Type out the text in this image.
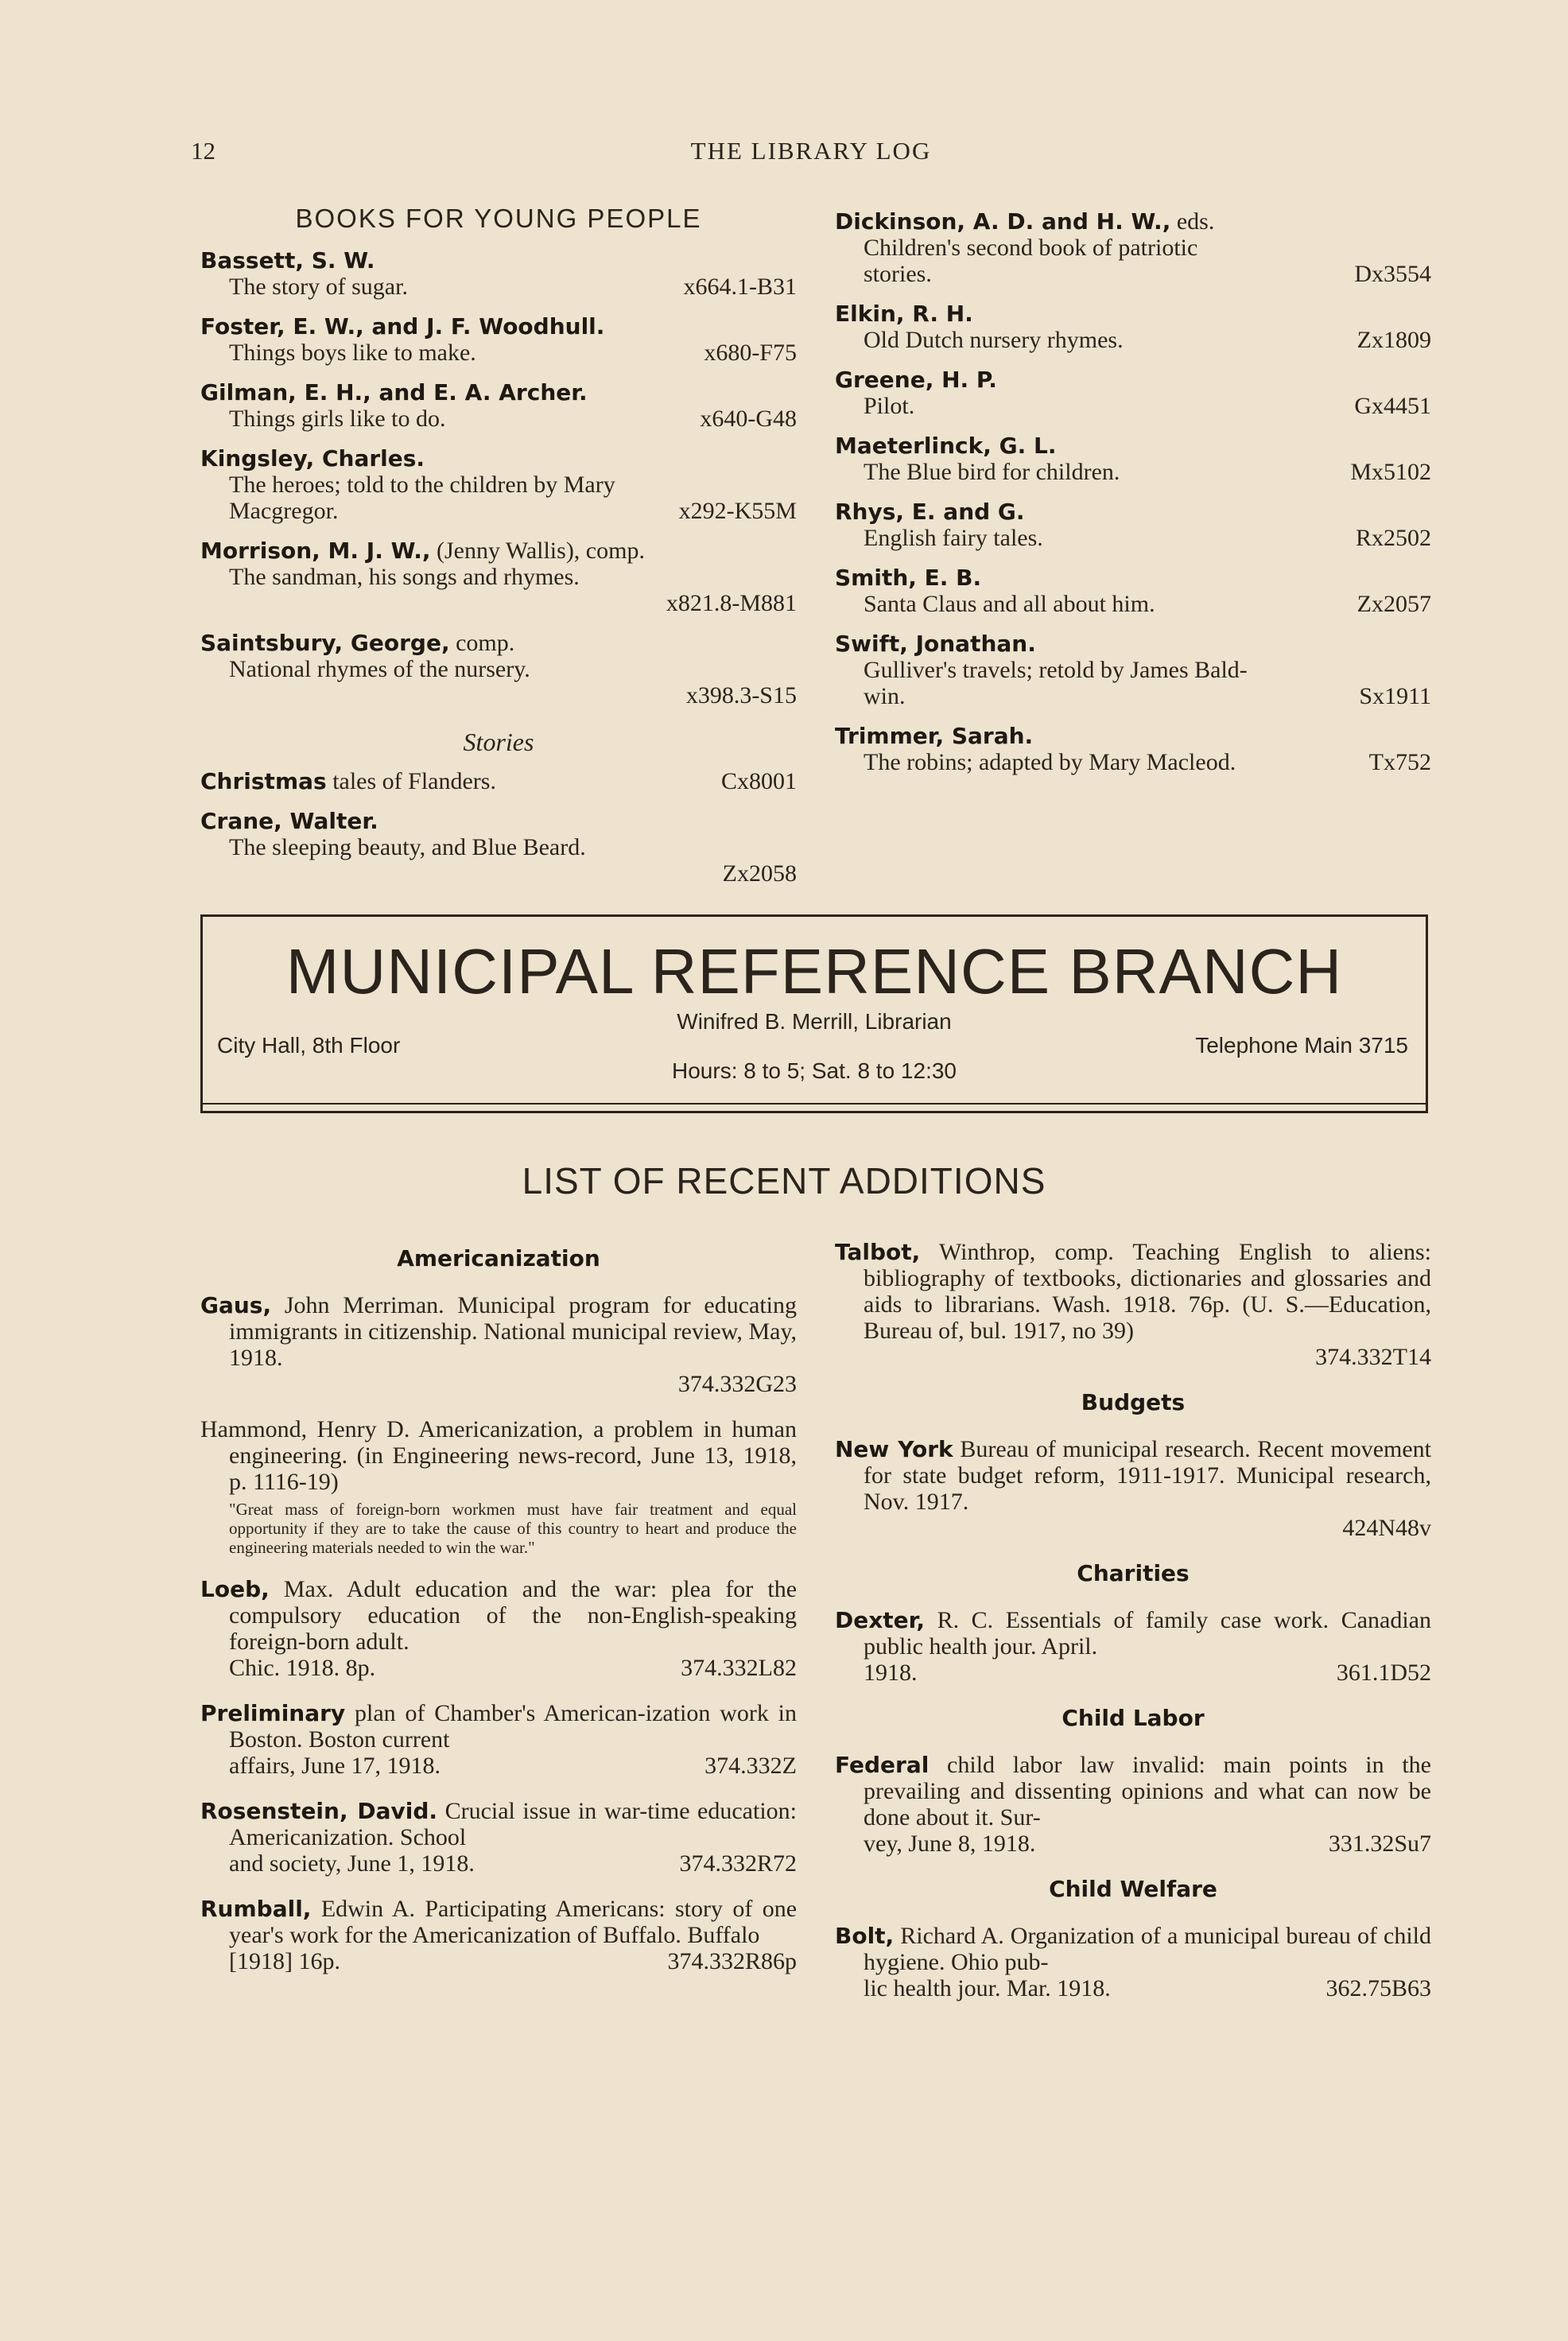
12	THE LIBRARY LOG
BOOKS FOR YOUNG PEOPLE
Bassett, S. W.
The story of sugar.	x664.1-B31
Foster, E. W., and J. F. Woodhull.
Things boys like to make.	x680-F75
Gilman, E. H., and E. A. Archer.
Things girls like to do.	x640-G48
Kingsley, Charles.
The heroes; told to the children by Mary
Macgregor.	x292-K55M
Morrison, M. J. W., (Jenny Wallis), comp.
The sandman, his songs and rhymes.
x821.8-M881
Saintsbury, George, comp.
National rhymes of the nursery.
x398.3-S15
Stories
Christmas tales of Flanders.	Cx8001
Crane, Walter.
The sleeping beauty, and Blue Beard.
Zx2058
Dickinson, A. D. and H. W., eds.
Children's second book of patriotic
stories.	Dx3554
Elkin, R. H.
Old Dutch nursery rhymes.	Zx1809
Greene, H. P.
Pilot.	Gx4451
Maeterlinck, G. L.
The Blue bird for children.	Mx5102
Rhys, E. and G.
English fairy tales.	Rx2502
Smith, E. B.
Santa Claus and all about him.	Zx2057
Swift, Jonathan.
Gulliver's travels; retold by James Bald-
win.	Sx1911
Trimmer, Sarah.
The robins; adapted by Mary Macleod.	Tx752
MUNICIPAL REFERENCE BRANCH
Winifred B. Merrill, Librarian
City Hall, 8th Floor	Telephone Main 3715
Hours: 8 to 5; Sat. 8 to 12:30
LIST OF RECENT ADDITIONS
Americanization
Gaus, John Merriman. Municipal program for educating immigrants in citizenship. National municipal review, May, 1918.
374.332G23
Hammond, Henry D. Americanization, a problem in human engineering. (in Engineering news-record, June 13, 1918, p. 1116-19)
"Great mass of foreign-born workmen must have fair treatment and equal opportunity if they are to take the cause of this country to heart and produce the engineering materials needed to win the war."
Loeb, Max. Adult education and the war: plea for the compulsory education of the non-English-speaking foreign-born adult.
Chic. 1918. 8p.	374.332L82
Preliminary plan of Chamber's American-ization work in Boston. Boston current
affairs, June 17, 1918.	374.332Z
Rosenstein, David. Crucial issue in war-time education: Americanization. School
and society, June 1, 1918.	374.332R72
Rumball, Edwin A. Participating Americans: story of one year's work for the Americanization of Buffalo. Buffalo
[1918] 16p.	374.332R86p
Talbot, Winthrop, comp. Teaching English to aliens: bibliography of textbooks, dictionaries and glossaries and aids to librarians. Wash. 1918. 76p. (U. S.—Education, Bureau of, bul. 1917, no 39)
374.332T14
Budgets
New York Bureau of municipal research. Recent movement for state budget reform, 1911-1917. Municipal research, Nov. 1917.
424N48v
Charities
Dexter, R. C. Essentials of family case work. Canadian public health jour. April.
1918.	361.1D52
Child Labor
Federal child labor law invalid: main points in the prevailing and dissenting opinions and what can now be done about it. Sur-
vey, June 8, 1918.	331.32Su7
Child Welfare
Bolt, Richard A. Organization of a municipal bureau of child hygiene. Ohio pub-
lic health jour. Mar. 1918.	362.75B63
